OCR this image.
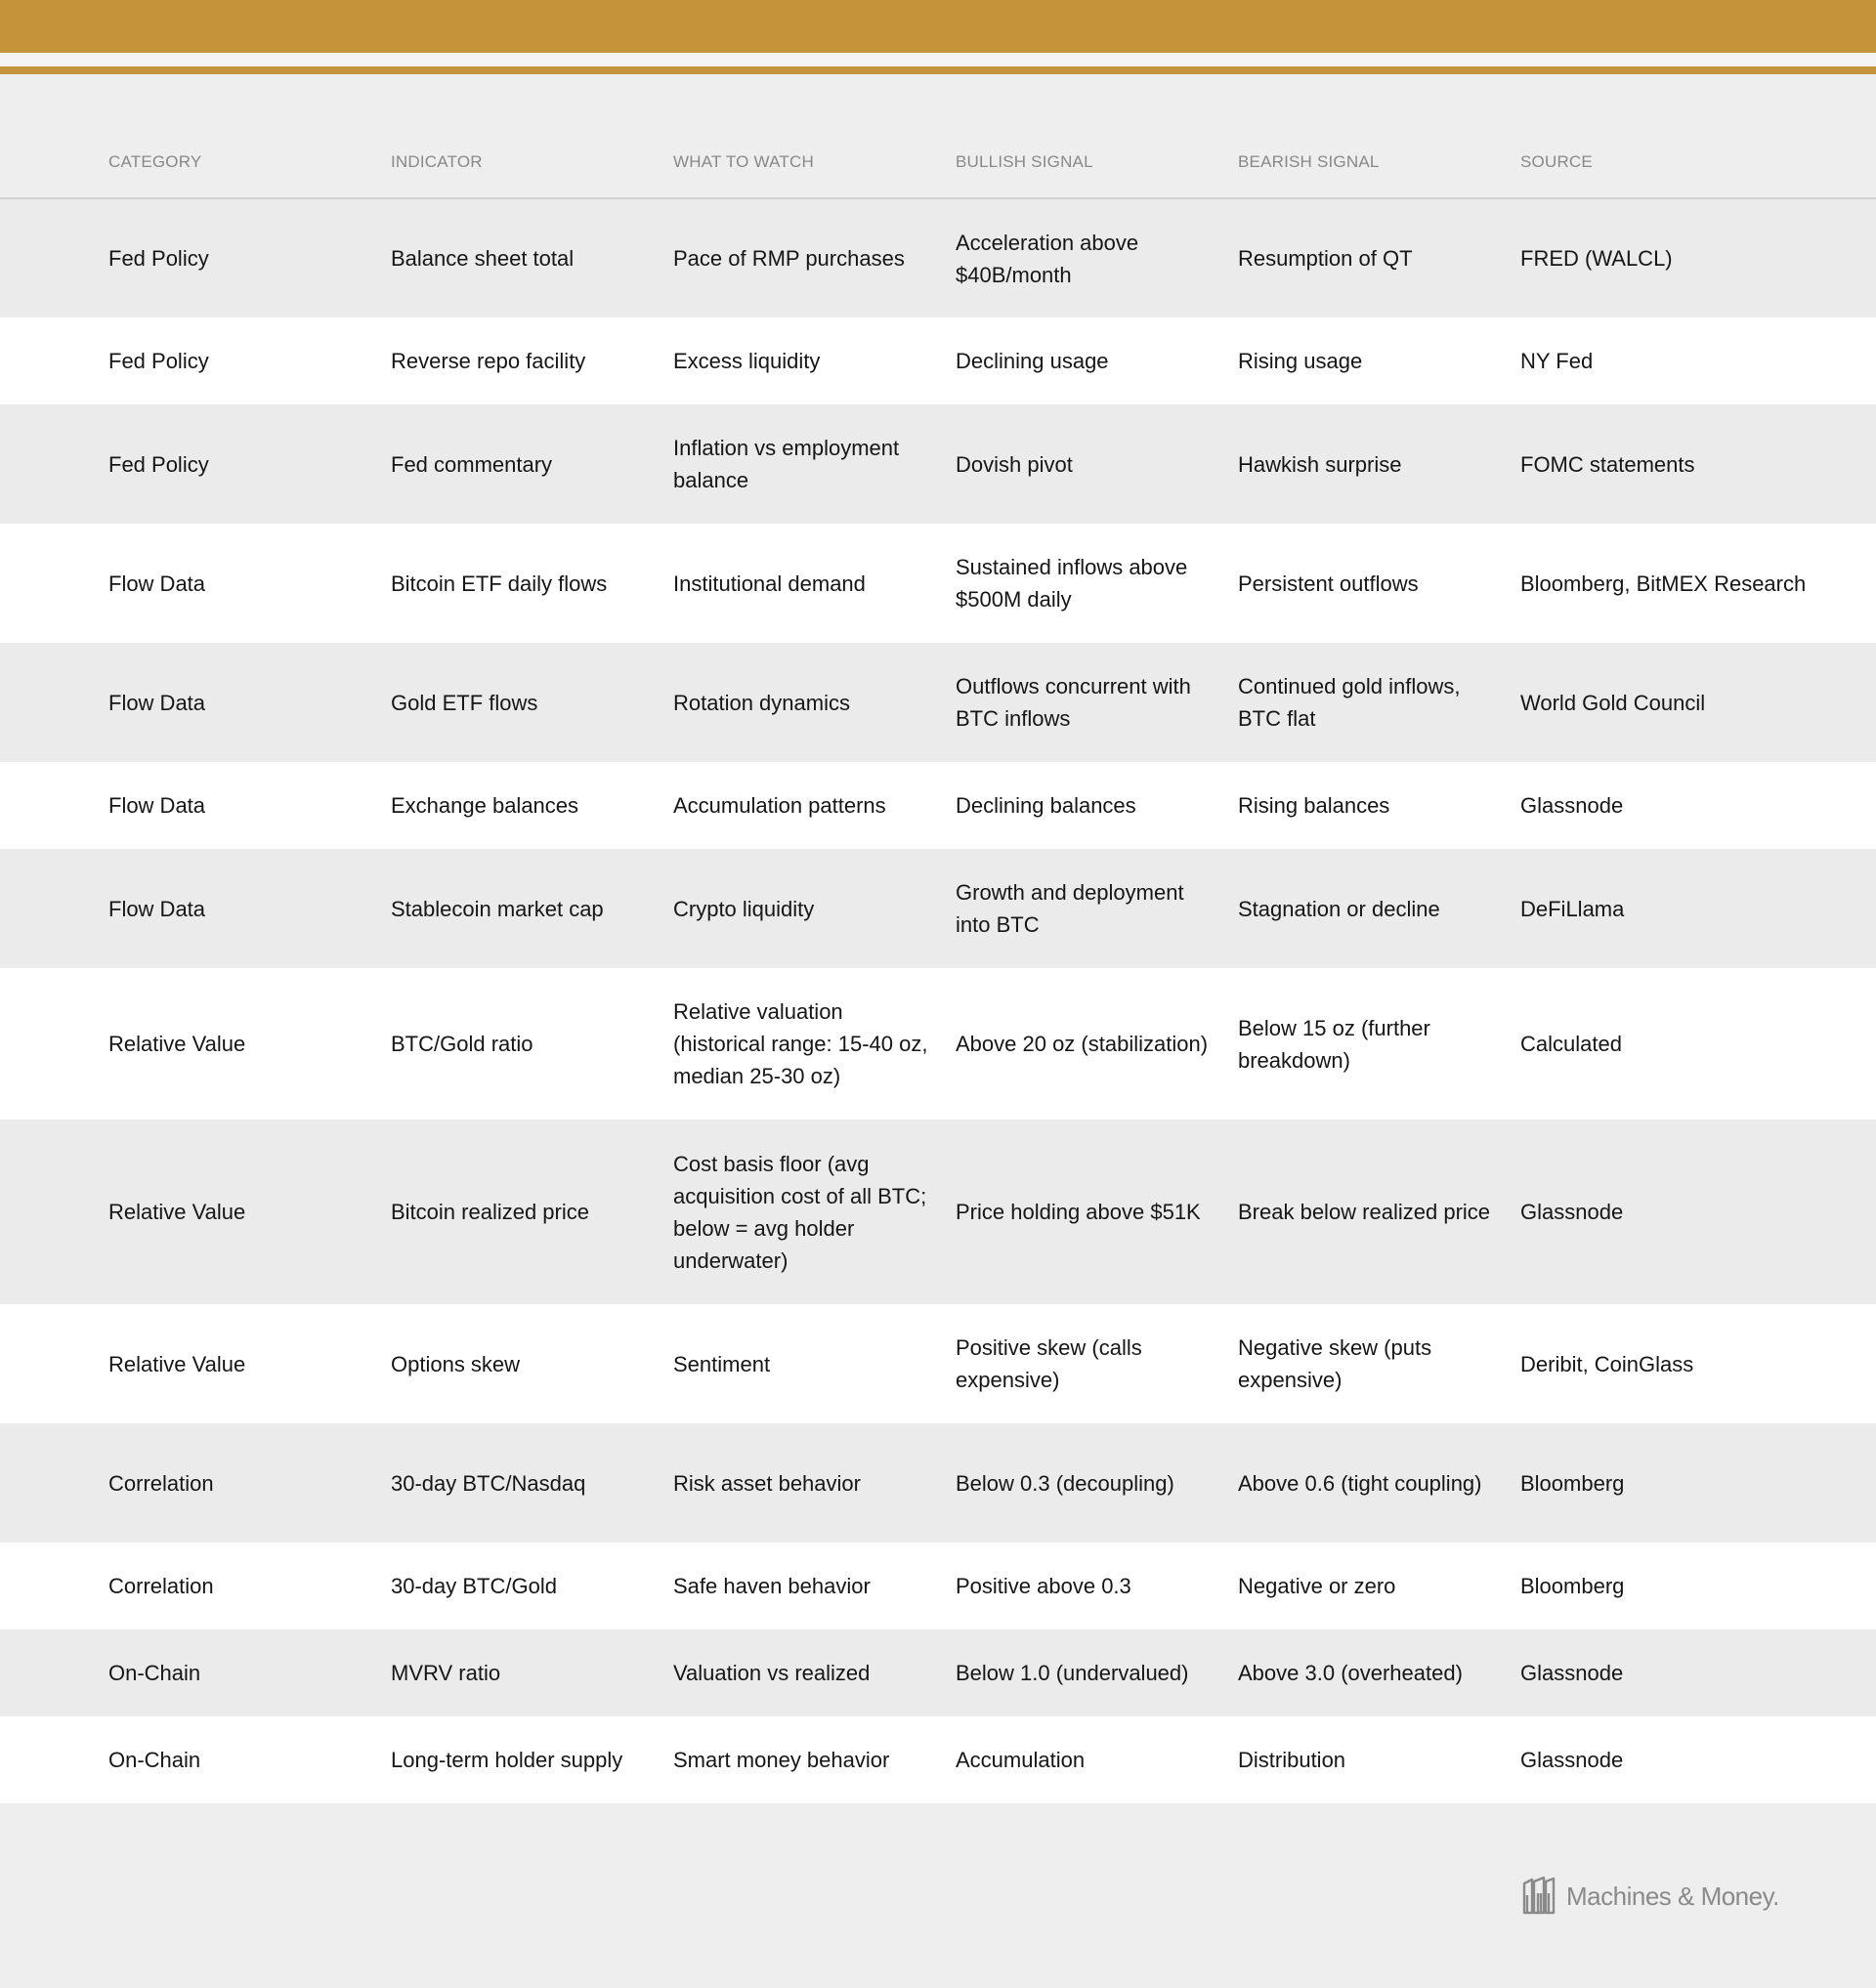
	CATEGORY	INDICATOR	WHAT TO WATCH	BULLISH SIGNAL	BEARISH SIGNAL	SOURCE
	Fed Policy	Balance sheet total	Pace of RMP purchases	Acceleration above $40B/month	Resumption of QT	FRED (WALCL)
	Fed Policy	Reverse repo facility	Excess liquidity	Declining usage	Rising usage	NY Fed
	Fed Policy	Fed commentary	Inflation vs employment balance	Dovish pivot	Hawkish surprise	FOMC statements
	Flow Data	Bitcoin ETF daily flows	Institutional demand	Sustained inflows above $500M daily	Persistent outflows	Bloomberg, BitMEX Research
	Flow Data	Gold ETF flows	Rotation dynamics	Outflows concurrent with BTC inflows	Continued gold inflows, BTC flat	World Gold Council
	Flow Data	Exchange balances	Accumulation patterns	Declining balances	Rising balances	Glassnode
	Flow Data	Stablecoin market cap	Crypto liquidity	Growth and deployment into BTC	Stagnation or decline	DeFiLlama
	Relative Value	BTC/Gold ratio	Relative valuation (historical range: 15-40 oz, median 25-30 oz)	Above 20 oz (stabilization)	Below 15 oz (further breakdown)	Calculated
	Relative Value	Bitcoin realized price	Cost basis floor (avg acquisition cost of all BTC; below = avg holder underwater)	Price holding above $51K	Break below realized price	Glassnode
	Relative Value	Options skew	Sentiment	Positive skew (calls expensive)	Negative skew (puts expensive)	Deribit, CoinGlass
	Correlation	30-day BTC/Nasdaq	Risk asset behavior	Below 0.3 (decoupling)	Above 0.6 (tight coupling)	Bloomberg
	Correlation	30-day BTC/Gold	Safe haven behavior	Positive above 0.3	Negative or zero	Bloomberg
	On-Chain	MVRV ratio	Valuation vs realized	Below 1.0 (undervalued)	Above 3.0 (overheated)	Glassnode
	On-Chain	Long-term holder supply	Smart money behavior	Accumulation	Distribution	Glassnode
Machines & Money.
